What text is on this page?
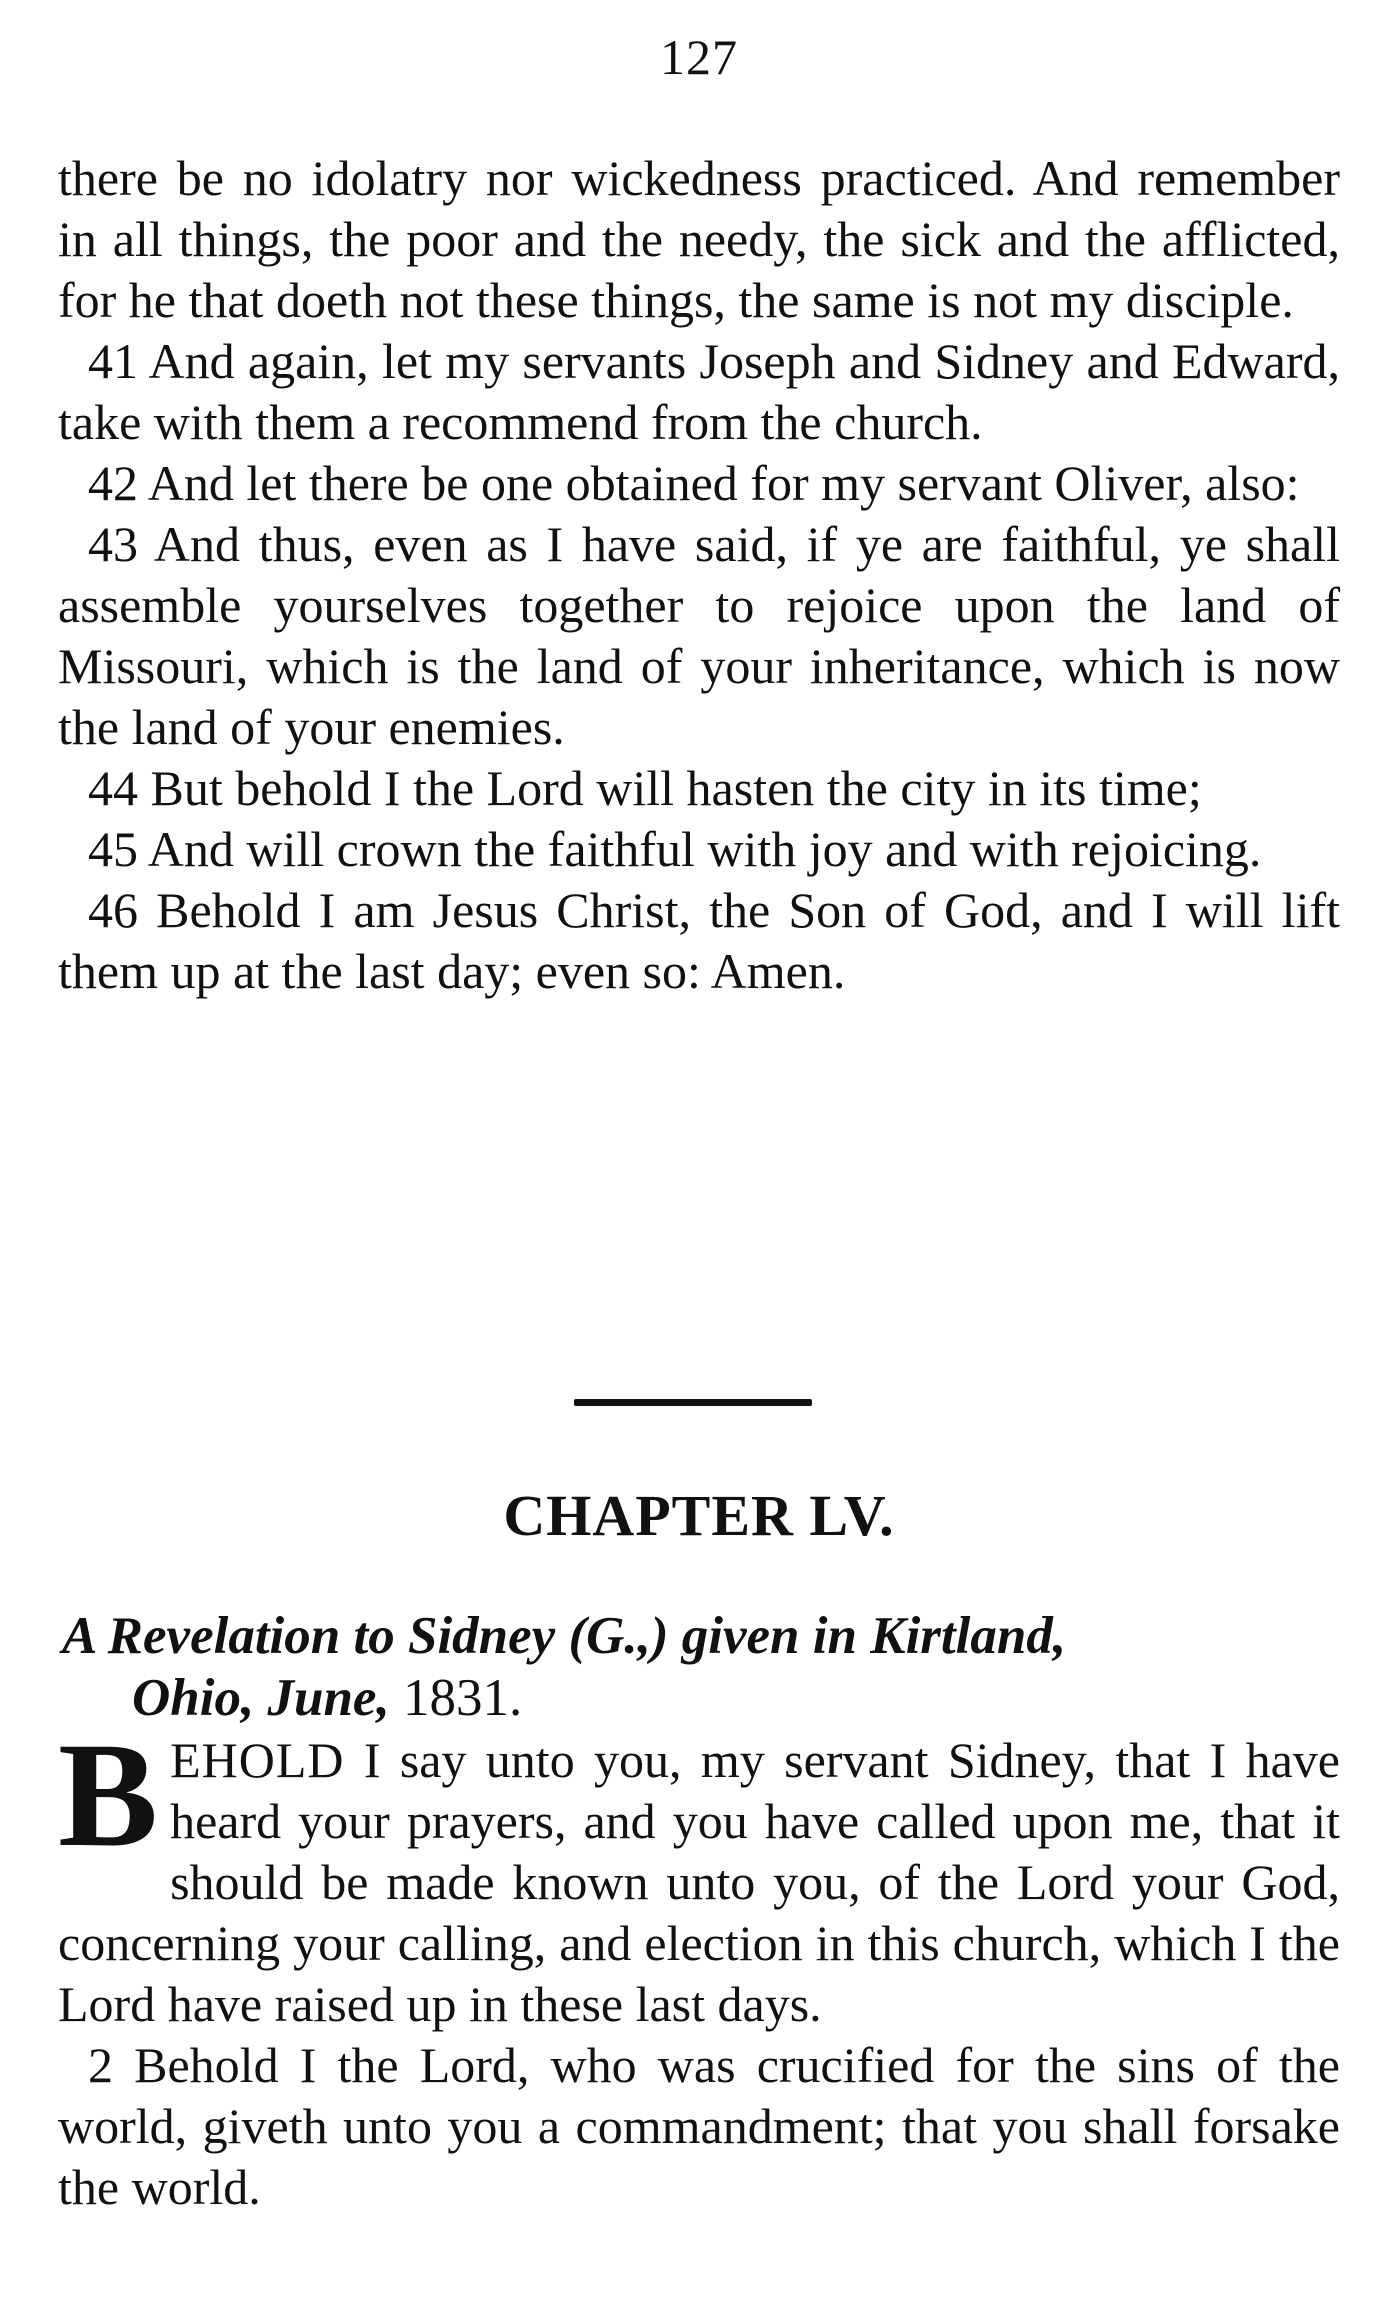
127

there be no idolatry nor wickedness practiced. And remember in all things, the poor and the needy, the sick and the afflicted, for he that doeth not these things, the same is not my disciple.

41 And again, let my servants Joseph and Sidney and Edward, take with them a recommend from the church.

42 And let there be one obtained for my servant Oliver, also:

43 And thus, even as I have said, if ye are faithful, ye shall assemble yourselves together to rejoice upon the land of Missouri, which is the land of your inheritance, which is now the land of your enemies.

44 But behold I the Lord will hasten the city in its time;

45 And will crown the faithful with joy and with rejoicing.

46 Behold I am Jesus Christ, the Son of God, and I will lift them up at the last day; even so: Amen.

CHAPTER LV.
A Revelation to Sidney (G.,) given in Kirtland,
Ohio, June, 1831.

BEHOLD I say unto you, my servant Sidney, that I have heard your prayers, and you have called upon me, that it should be made known unto you, of the Lord your God, concerning your calling, and election in this church, which I the Lord have raised up in these last days.

2 Behold I the Lord, who was crucified for the sins of the world, giveth unto you a commandment; that you shall forsake the world.
